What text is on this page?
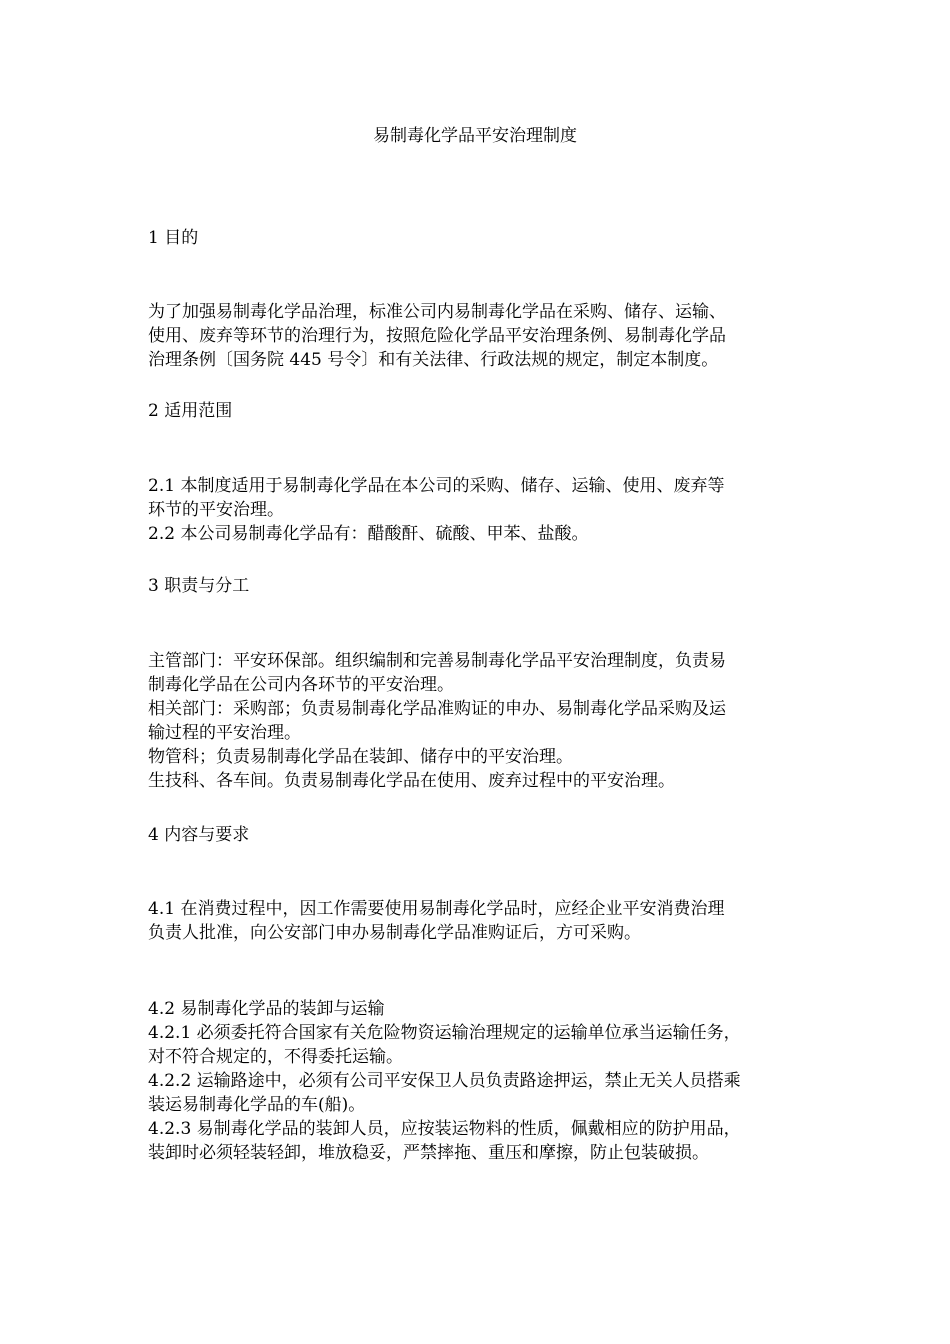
易制毒化学品平安治理制度

1 目的

为了加强易制毒化学品治理，标准公司内易制毒化学品在采购、储存、运输、

使用、废弃等环节的治理行为，按照危险化学品平安治理条例、易制毒化学品

治理条例〔国务院 445 号令〕和有关法律、行政法规的规定，制定本制度。

2 适用范围

2.1 本制度适用于易制毒化学品在本公司的采购、储存、运输、使用、废弃等

环节的平安治理。

2.2 本公司易制毒化学品有：醋酸酐、硫酸、甲苯、盐酸。

3 职责与分工

主管部门：平安环保部。组织编制和完善易制毒化学品平安治理制度，负责易

制毒化学品在公司内各环节的平安治理。

相关部门：采购部；负责易制毒化学品准购证的申办、易制毒化学品采购及运

输过程的平安治理。

物管科；负责易制毒化学品在装卸、储存中的平安治理。

生技科、各车间。负责易制毒化学品在使用、废弃过程中的平安治理。

4 内容与要求

4.1 在消费过程中，因工作需要使用易制毒化学品时，应经企业平安消费治理

负责人批准，向公安部门申办易制毒化学品准购证后，方可采购。

4.2 易制毒化学品的装卸与运输

4.2.1 必须委托符合国家有关危险物资运输治理规定的运输单位承当运输任务，

对不符合规定的，不得委托运输。

4.2.2 运输路途中，必须有公司平安保卫人员负责路途押运，禁止无关人员搭乘

装运易制毒化学品的车(船)。

4.2.3 易制毒化学品的装卸人员，应按装运物料的性质，佩戴相应的防护用品，

装卸时必须轻装轻卸，堆放稳妥，严禁摔拖、重压和摩擦，防止包装破损。
